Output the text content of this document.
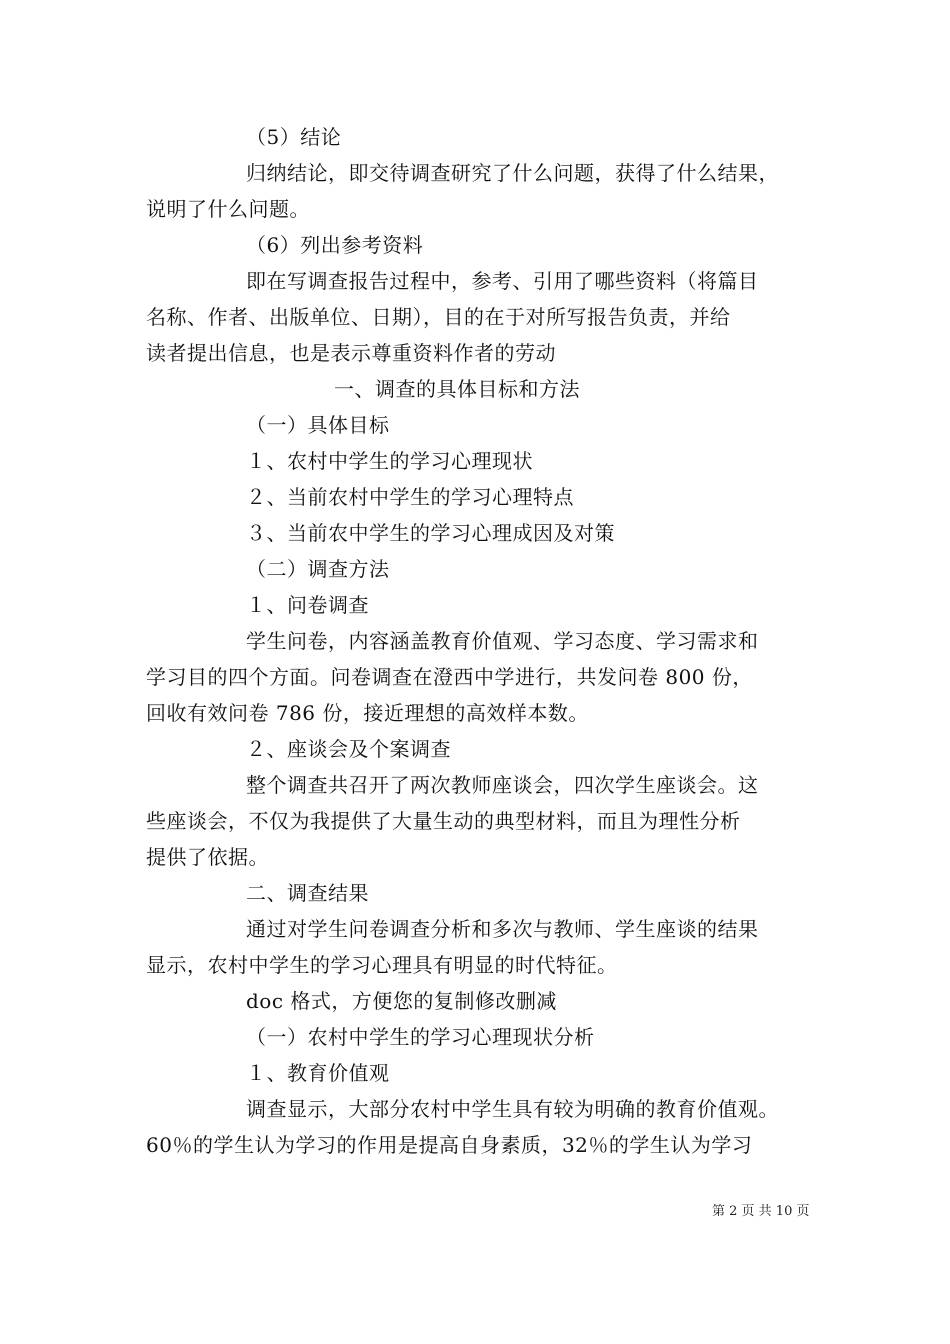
（5）结论
归纳结论，即交待调查研究了什么问题，获得了什么结果，
说明了什么问题。
（6）列出参考资料
即在写调查报告过程中，参考、引用了哪些资料（将篇目
名称、作者、出版单位、日期），目的在于对所写报告负责，并给
读者提出信息，也是表示尊重资料作者的劳动
一、调查的具体目标和方法
（一）具体目标
１、农村中学生的学习心理现状
２、当前农村中学生的学习心理特点
３、当前农中学生的学习心理成因及对策
（二）调查方法
１、问卷调查
学生问卷，内容涵盖教育价值观、学习态度、学习需求和
学习目的四个方面。问卷调查在澄西中学进行，共发问卷 800 份，
回收有效问卷 786 份，接近理想的高效样本数。
２、座谈会及个案调查
整个调查共召开了两次教师座谈会，四次学生座谈会。这
些座谈会，不仅为我提供了大量生动的典型材料，而且为理性分析
提供了依据。
二、调查结果
通过对学生问卷调查分析和多次与教师、学生座谈的结果
显示，农村中学生的学习心理具有明显的时代特征。
doc 格式，方便您的复制修改删减
（一）农村中学生的学习心理现状分析
１、教育价值观
调查显示，大部分农村中学生具有较为明确的教育价值观。
60％的学生认为学习的作用是提高自身素质，32％的学生认为学习
第 2 页 共 10 页
